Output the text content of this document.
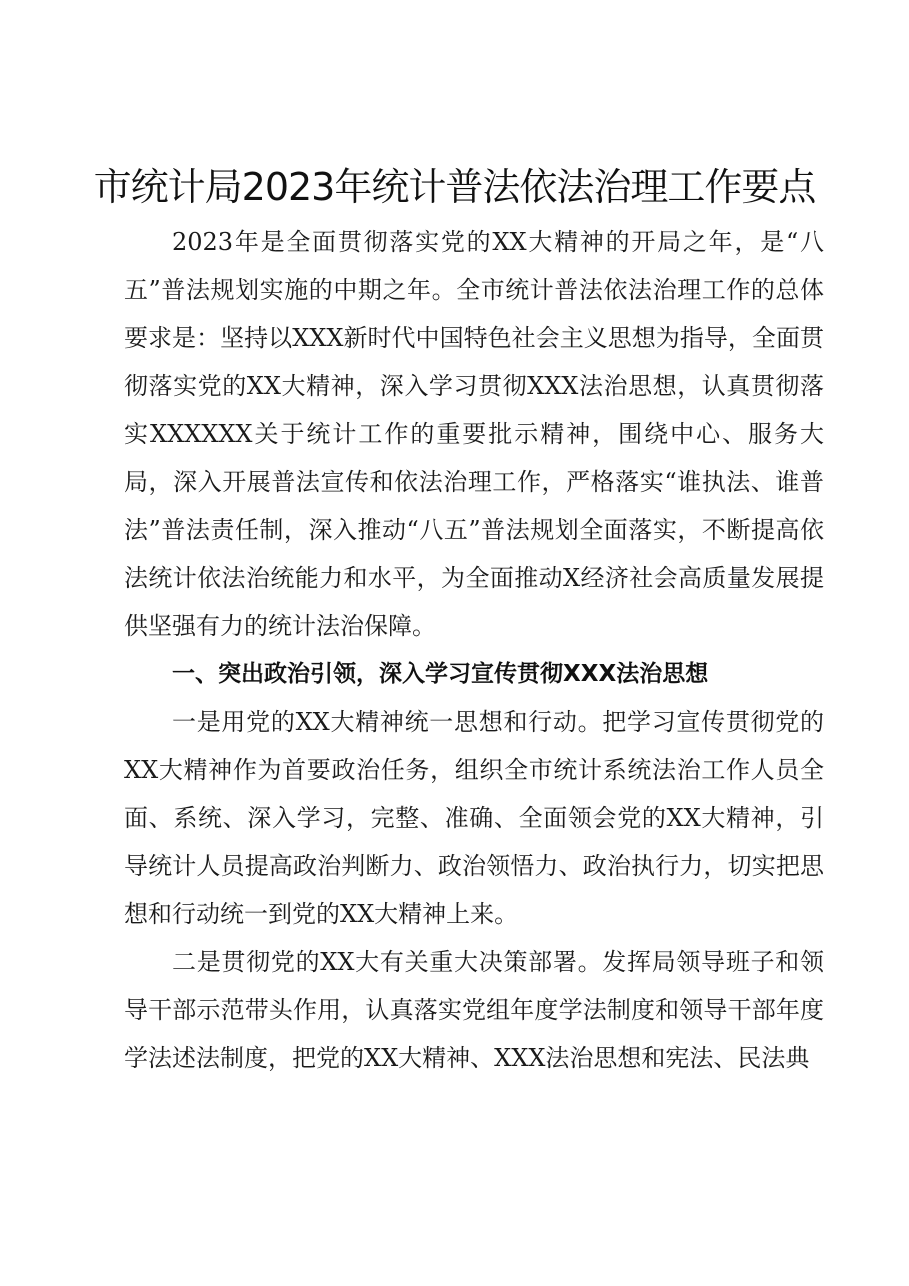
市统计局2023年统计普法依法治理工作要点

2023年是全面贯彻落实党的XX大精神的开局之年，是“八五”普法规划实施的中期之年。全市统计普法依法治理工作的总体要求是：坚持以XXX新时代中国特色社会主义思想为指导，全面贯彻落实党的XX大精神，深入学习贯彻XXX法治思想，认真贯彻落实XXXXXX关于统计工作的重要批示精神，围绕中心、服务大局，深入开展普法宣传和依法治理工作，严格落实“谁执法、谁普法”普法责任制，深入推动“八五”普法规划全面落实，不断提高依法统计依法治统能力和水平，为全面推动X经济社会高质量发展提供坚强有力的统计法治保障。

一、突出政治引领，深入学习宣传贯彻XXX法治思想

一是用党的XX大精神统一思想和行动。把学习宣传贯彻党的XX大精神作为首要政治任务，组织全市统计系统法治工作人员全面、系统、深入学习，完整、准确、全面领会党的XX大精神，引导统计人员提高政治判断力、政治领悟力、政治执行力，切实把思想和行动统一到党的XX大精神上来。

二是贯彻党的XX大有关重大决策部署。发挥局领导班子和领导干部示范带头作用，认真落实党组年度学法制度和领导干部年度学法述法制度，把党的XX大精神、XXX法治思想和宪法、民法典
